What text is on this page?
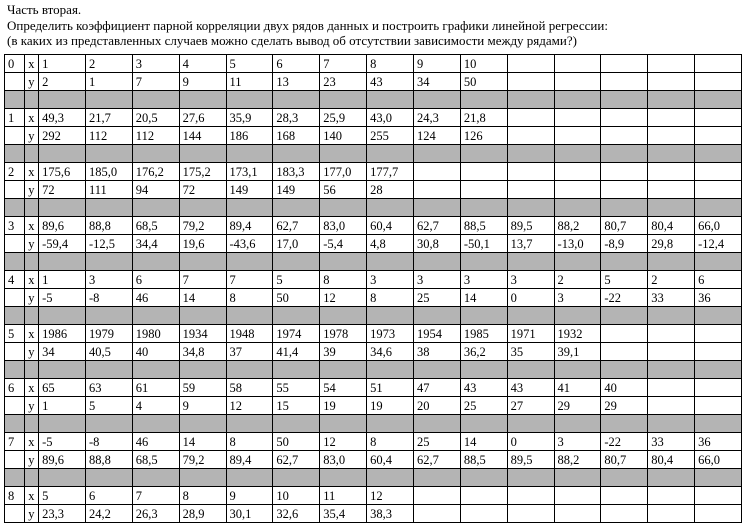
Часть вторая.
Определить коэффициент парной корреляции двух рядов данных и построить графики линейной регрессии:
(в каких из представленных случаев можно сделать вывод об отсутствии зависимости между рядами?)
0	x	1	2	3	4	5	6	7	8	9	10					
	y	2	1	7	9	11	13	23	43	34	50					

1	x	49,3	21,7	20,5	27,6	35,9	28,3	25,9	43,0	24,3	21,8					
	y	292	112	112	144	186	168	140	255	124	126					

2	x	175,6	185,0	176,2	175,2	173,1	183,3	177,0	177,7							
	y	72	111	94	72	149	149	56	28							

3	x	89,6	88,8	68,5	79,2	89,4	62,7	83,0	60,4	62,7	88,5	89,5	88,2	80,7	80,4	66,0
	y	-59,4	-12,5	34,4	19,6	-43,6	17,0	-5,4	4,8	30,8	-50,1	13,7	-13,0	-8,9	29,8	-12,4

4	x	1	3	6	7	7	5	8	3	3	3	3	2	5	2	6
	y	-5	-8	46	14	8	50	12	8	25	14	0	3	-22	33	36

5	x	1986	1979	1980	1934	1948	1974	1978	1973	1954	1985	1971	1932			
	y	34	40,5	40	34,8	37	41,4	39	34,6	38	36,2	35	39,1			

6	x	65	63	61	59	58	55	54	51	47	43	43	41	40		
	y	1	5	4	9	12	15	19	19	20	25	27	29	29		

7	x	-5	-8	46	14	8	50	12	8	25	14	0	3	-22	33	36
	y	89,6	88,8	68,5	79,2	89,4	62,7	83,0	60,4	62,7	88,5	89,5	88,2	80,7	80,4	66,0

8	x	5	6	7	8	9	10	11	12							
	y	23,3	24,2	26,3	28,9	30,1	32,6	35,4	38,3							
